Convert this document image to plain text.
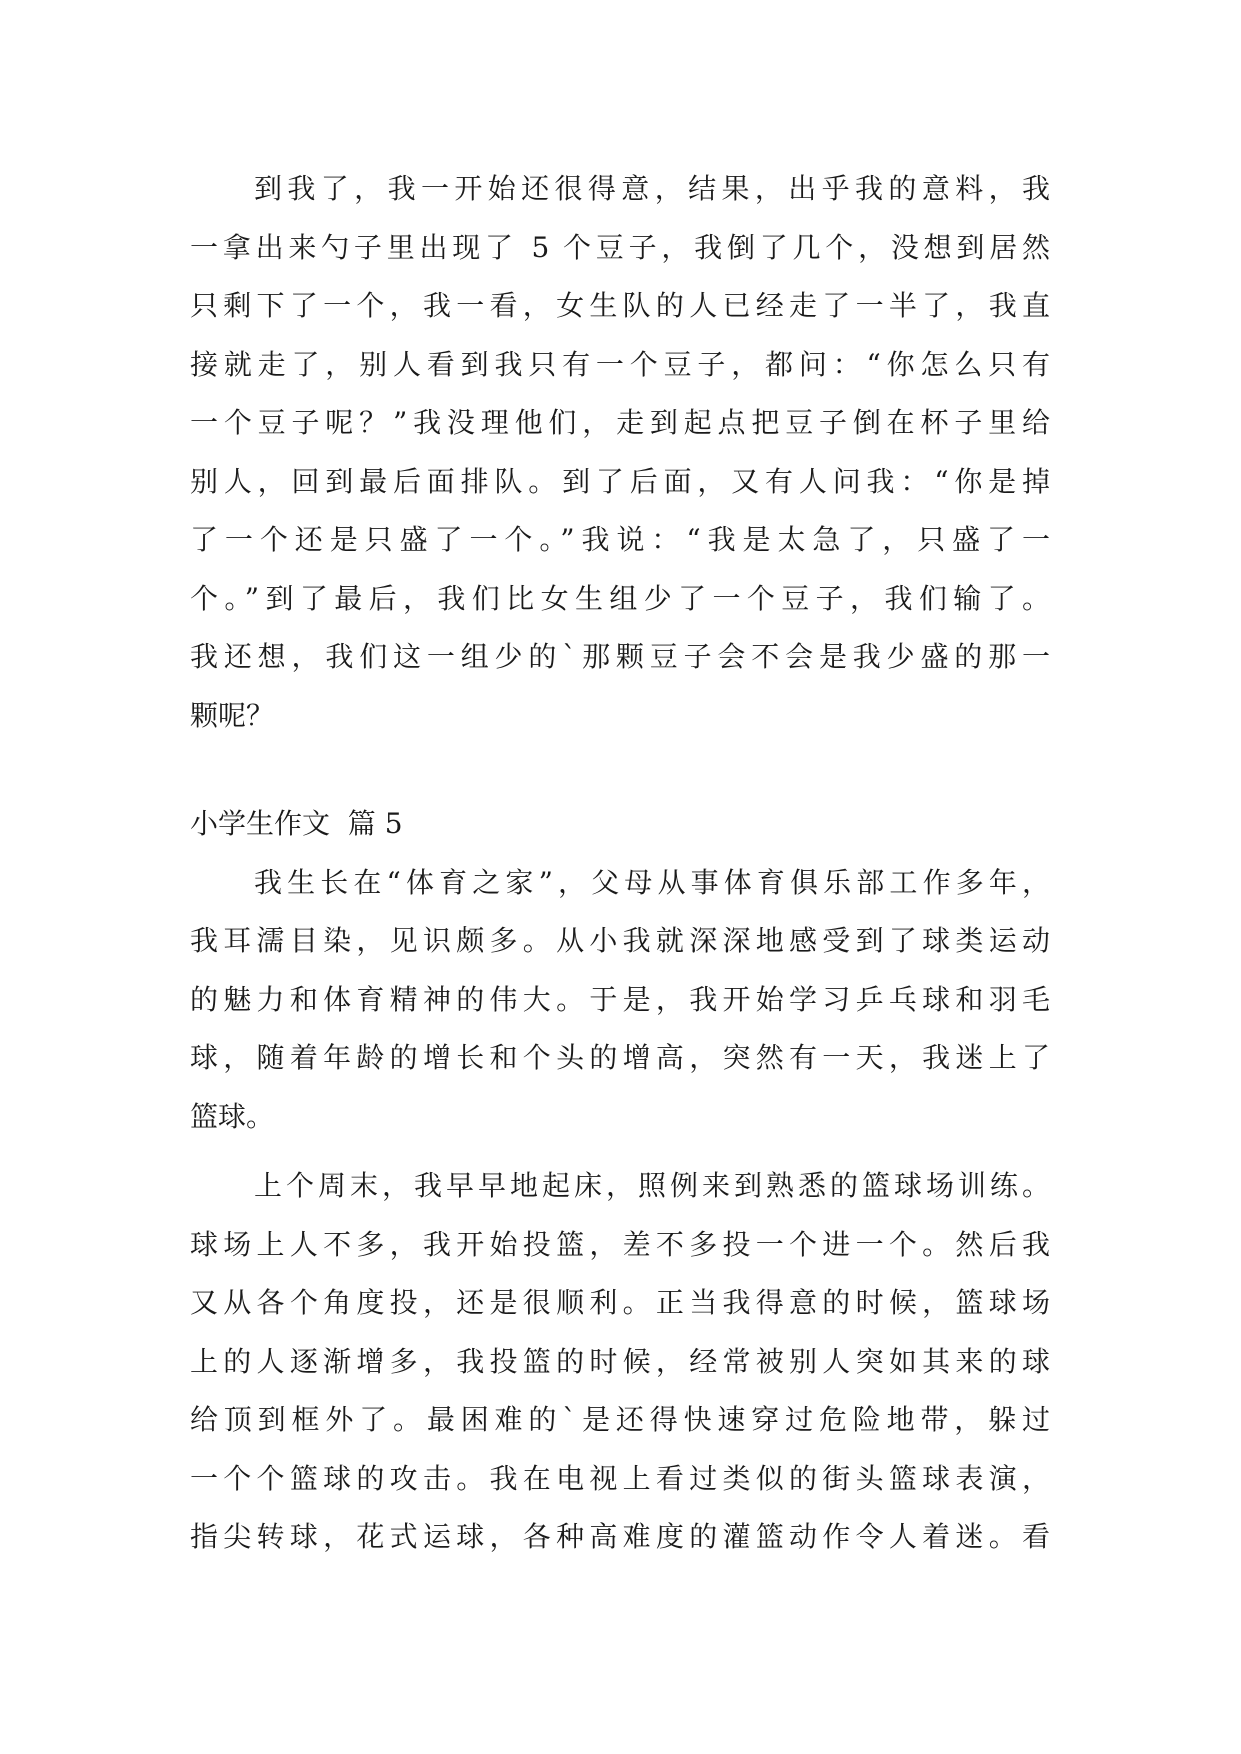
到我了，我一开始还很得意，结果，出乎我的意料，我
一拿出来勺子里出现了 5 个豆子，我倒了几个，没想到居然
只剩下了一个，我一看，女生队的人已经走了一半了，我直
接就走了，别人看到我只有一个豆子，都问：“你怎么只有
一个豆子呢？”我没理他们，走到起点把豆子倒在杯子里给
别人，回到最后面排队。到了后面，又有人问我：“你是掉
了一个还是只盛了一个。”我说：“我是太急了，只盛了一
个。”到了最后，我们比女生组少了一个豆子，我们输了。
我还想，我们这一组少的`那颗豆子会不会是我少盛的那一
颗呢？
小学生作文  篇 5
我生长在“体育之家”，父母从事体育俱乐部工作多年，
我耳濡目染，见识颇多。从小我就深深地感受到了球类运动
的魅力和体育精神的伟大。于是，我开始学习乒乓球和羽毛
球，随着年龄的增长和个头的增高，突然有一天，我迷上了
篮球。
上个周末，我早早地起床，照例来到熟悉的篮球场训练。
球场上人不多，我开始投篮，差不多投一个进一个。然后我
又从各个角度投，还是很顺利。正当我得意的时候，篮球场
上的人逐渐增多，我投篮的时候，经常被别人突如其来的球
给顶到框外了。最困难的`是还得快速穿过危险地带，躲过
一个个篮球的攻击。我在电视上看过类似的街头篮球表演，
指尖转球，花式运球，各种高难度的灌篮动作令人着迷。看
